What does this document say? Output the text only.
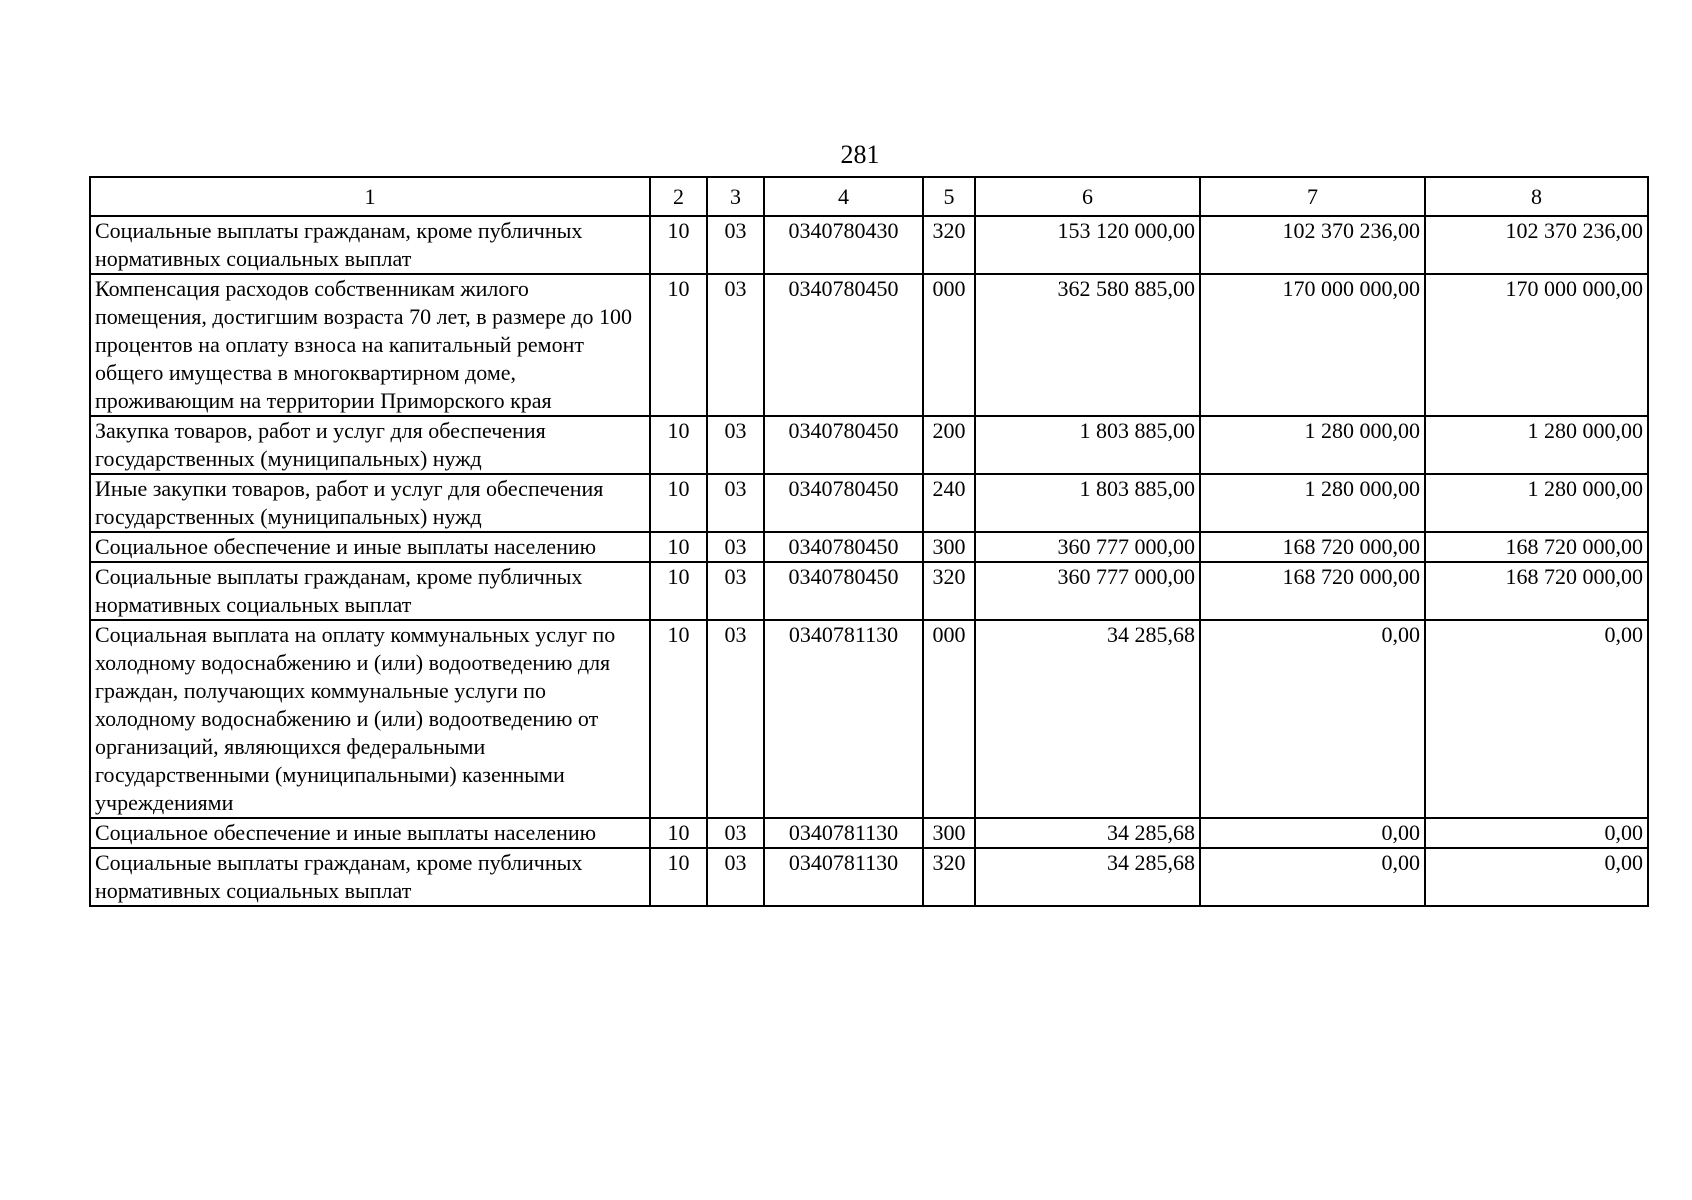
281
1	2	3	4	5	6	7	8
Социальные выплаты гражданам, кроме публичных нормативных социальных выплат	10	03	0340780430	320	153 120 000,00	102 370 236,00	102 370 236,00
Компенсация расходов собственникам жилого помещения, достигшим возраста 70 лет, в размере до 100 процентов на оплату взноса на капитальный ремонт общего имущества в многоквартирном доме, проживающим на территории Приморского края	10	03	0340780450	000	362 580 885,00	170 000 000,00	170 000 000,00
Закупка товаров, работ и услуг для обеспечения государственных (муниципальных) нужд	10	03	0340780450	200	1 803 885,00	1 280 000,00	1 280 000,00
Иные закупки товаров, работ и услуг для обеспечения государственных (муниципальных) нужд	10	03	0340780450	240	1 803 885,00	1 280 000,00	1 280 000,00
Социальное обеспечение и иные выплаты населению	10	03	0340780450	300	360 777 000,00	168 720 000,00	168 720 000,00
Социальные выплаты гражданам, кроме публичных нормативных социальных выплат	10	03	0340780450	320	360 777 000,00	168 720 000,00	168 720 000,00
Социальная выплата на оплату коммунальных услуг по холодному водоснабжению и (или) водоотведению для граждан, получающих коммунальные услуги по холодному водоснабжению и (или) водоотведению от организаций, являющихся федеральными государственными (муниципальными) казенными учреждениями	10	03	0340781130	000	34 285,68	0,00	0,00
Социальное обеспечение и иные выплаты населению	10	03	0340781130	300	34 285,68	0,00	0,00
Социальные выплаты гражданам, кроме публичных нормативных социальных выплат	10	03	0340781130	320	34 285,68	0,00	0,00
